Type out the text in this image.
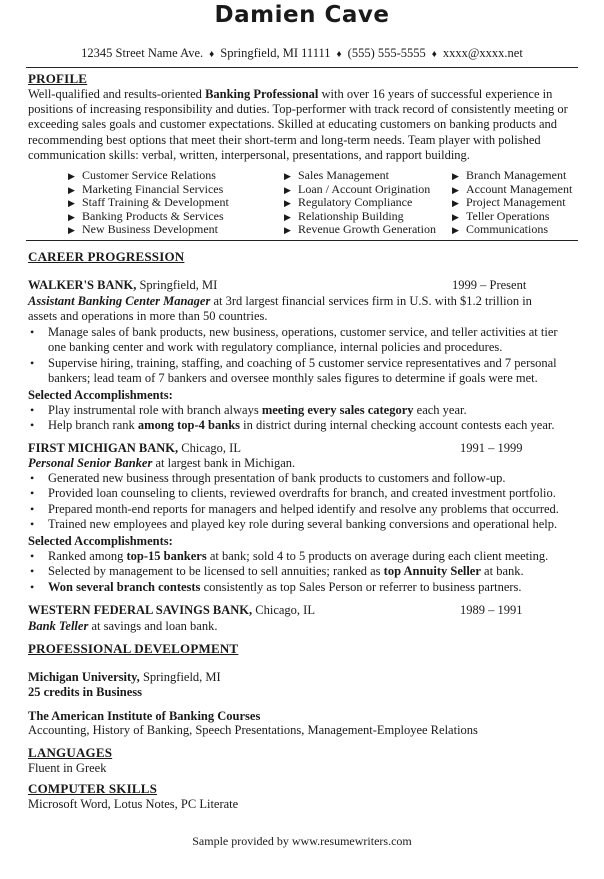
Damien Cave
12345 Street Name Ave. ♦ Springfield, MI 11111 ♦ (555) 555-5555 ♦ xxxx@xxxx.net
PROFILE

Well-qualified and results-oriented Banking Professional with over 16 years of successful experience in positions of increasing responsibility and duties. Top-performer with track record of consistently meeting or exceeding sales goals and customer expectations. Skilled at educating customers on banking products and recommending best options that meet their short-term and long-term needs. Team player with polished communication skills: verbal, written, interpersonal, presentations, and rapport building.

▶ Customer Service Relations
▶ Marketing Financial Services
▶ Staff Training & Development
▶ Banking Products & Services
▶ New Business Development
▶ Sales Management
▶ Loan / Account Origination
▶ Regulatory Compliance
▶ Relationship Building
▶ Revenue Growth Generation
▶ Branch Management
▶ Account Management
▶ Project Management
▶ Teller Operations
▶ Communications
CAREER PROGRESSION
WALKER'S BANK, Springfield, MI	1999 – Present
Assistant Banking Center Manager at 3rd largest financial services firm in U.S. with $1.2 trillion in
assets and operations in more than 50 countries.
• Manage sales of bank products, new business, operations, customer service, and teller activities at tier one banking center and work with regulatory compliance, internal policies and procedures.
• Supervise hiring, training, staffing, and coaching of 5 customer service representatives and 7 personal bankers; lead team of 7 bankers and oversee monthly sales figures to determine if goals were met.
Selected Accomplishments:
• Play instrumental role with branch always meeting every sales category each year.
• Help branch rank among top-4 banks in district during internal checking account contests each year.
FIRST MICHIGAN BANK, Chicago, IL	1991 – 1999
Personal Senior Banker at largest bank in Michigan.
• Generated new business through presentation of bank products to customers and follow-up.
• Provided loan counseling to clients, reviewed overdrafts for branch, and created investment portfolio.
• Prepared month-end reports for managers and helped identify and resolve any problems that occurred.
• Trained new employees and played key role during several banking conversions and operational help.
Selected Accomplishments:
• Ranked among top-15 bankers at bank; sold 4 to 5 products on average during each client meeting.
• Selected by management to be licensed to sell annuities; ranked as top Annuity Seller at bank.
• Won several branch contests consistently as top Sales Person or referrer to business partners.
WESTERN FEDERAL SAVINGS BANK, Chicago, IL	1989 – 1991
Bank Teller at savings and loan bank.
PROFESSIONAL DEVELOPMENT
Michigan University, Springfield, MI
25 credits in Business
The American Institute of Banking Courses
Accounting, History of Banking, Speech Presentations, Management-Employee Relations
LANGUAGES
Fluent in Greek
COMPUTER SKILLS
Microsoft Word, Lotus Notes, PC Literate
Sample provided by www.resumewriters.com
